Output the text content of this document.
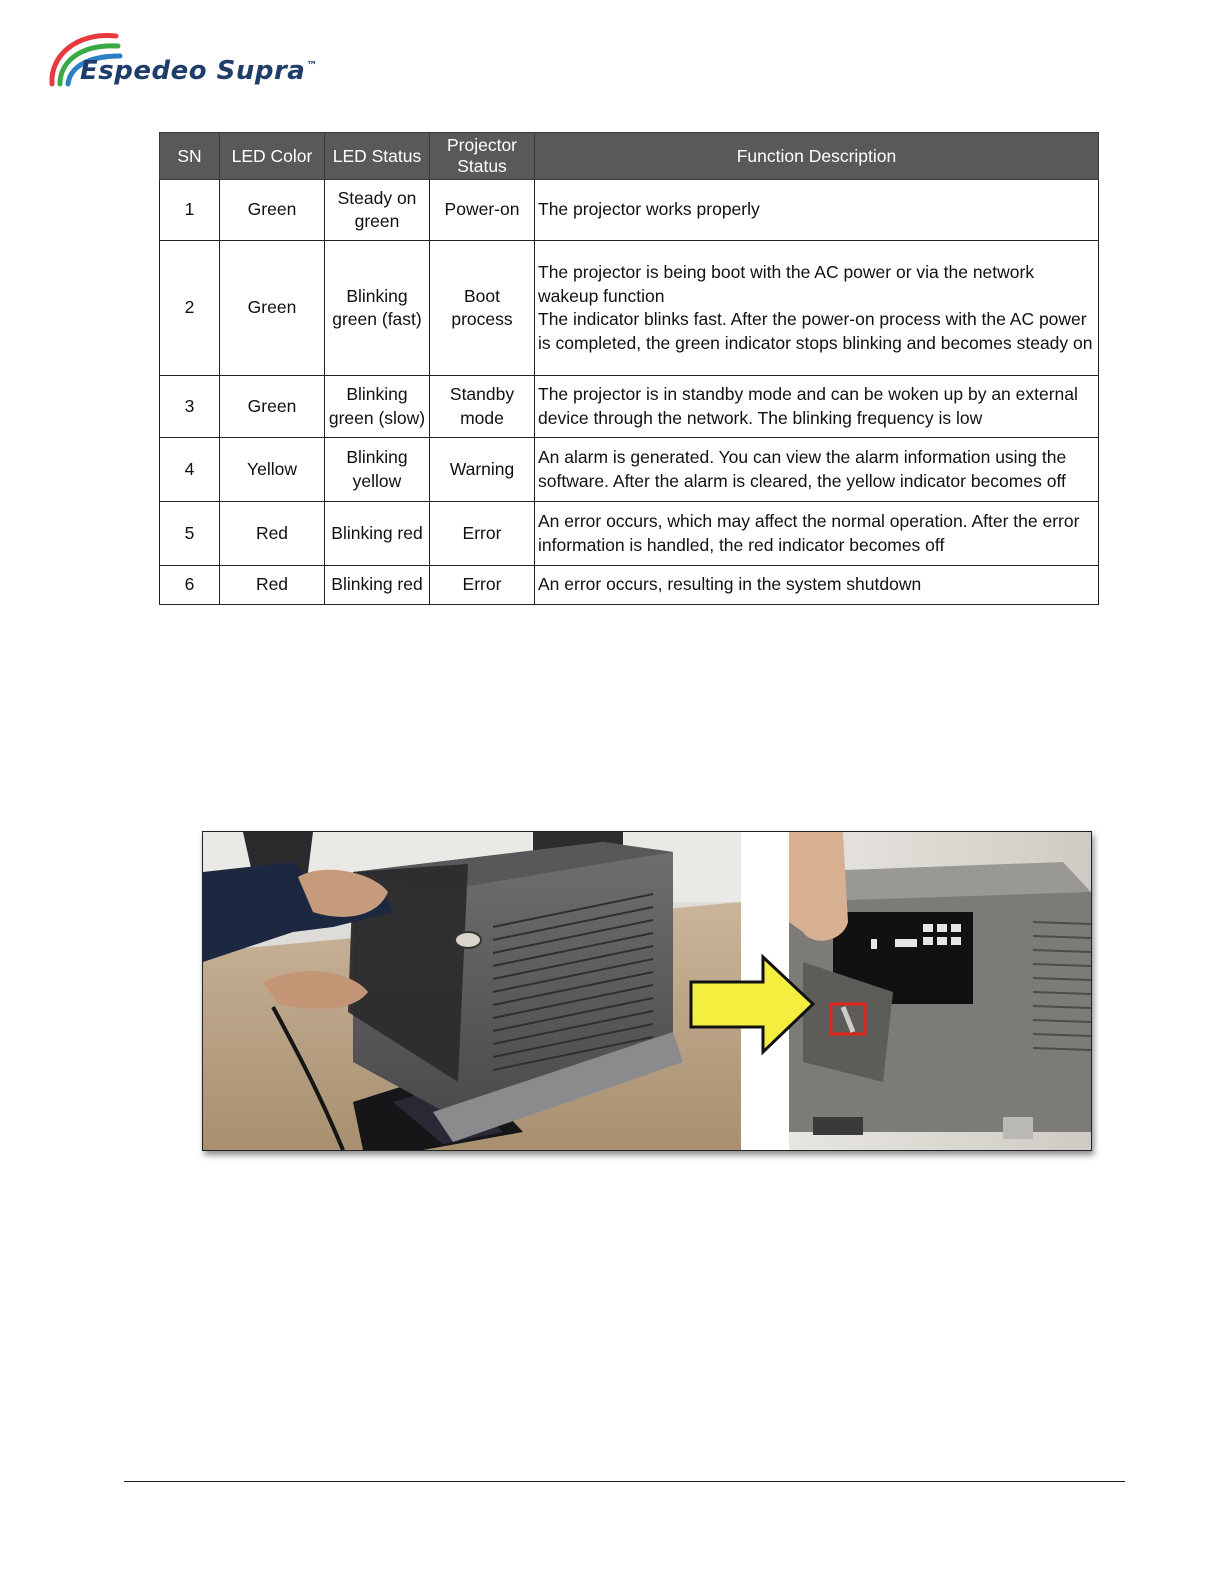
Espedeo Supra™
SN	LED Color	LED Status	Projector Status	Function Description
1	Green	Steady on green	Power-on	The projector works properly
2	Green	Blinking green (fast)	Boot process	The projector is being boot with the AC power or via the network wakeup function
The indicator blinks fast. After the power-on process with the AC power is completed, the green indicator stops blinking and becomes steady on

3	Green	Blinking green (slow)	Standby mode	The projector is in standby mode and can be woken up by an external device through the network. The blinking frequency is low
4	Yellow	Blinking yellow	Warning	An alarm is generated. You can view the alarm information using the software. After the alarm is cleared, the yellow indicator becomes off
5	Red	Blinking red	Error	An error occurs, which may affect the normal operation. After the error information is handled, the red indicator becomes off
6	Red	Blinking red	Error	An error occurs, resulting in the system shutdown
